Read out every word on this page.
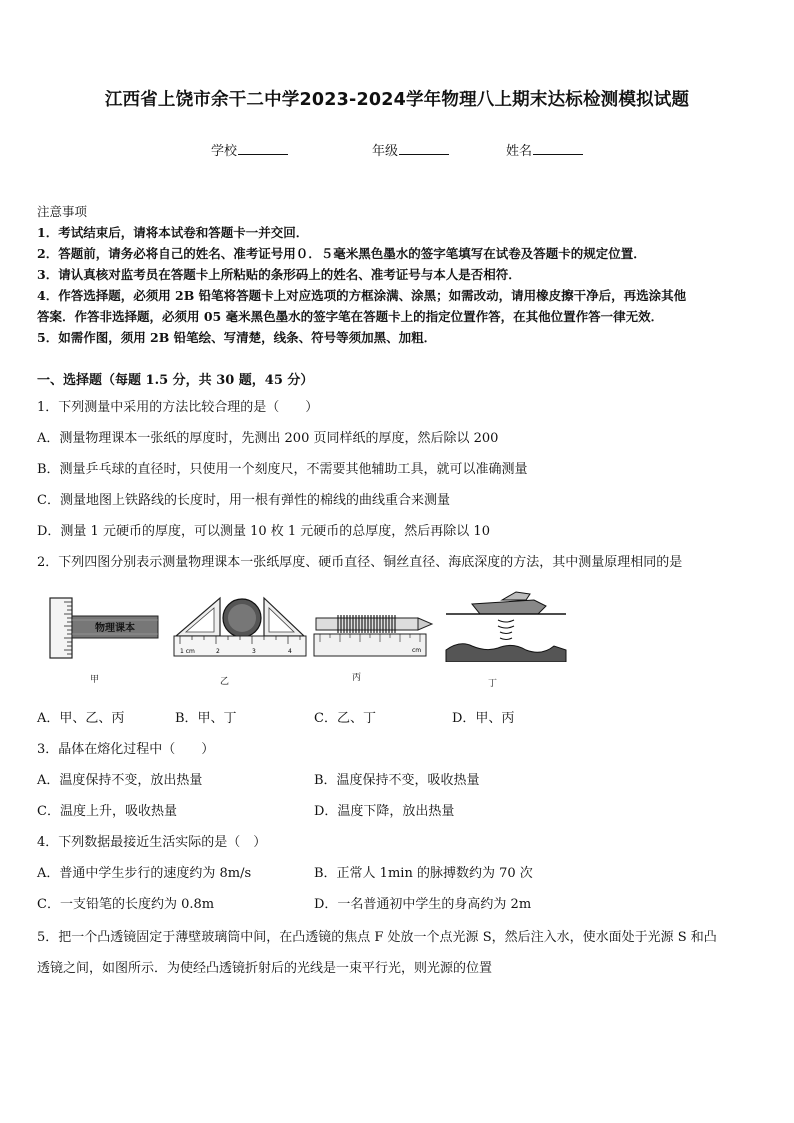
江西省上饶市余干二中学2023-2024学年物理八上期末达标检测模拟试题
学校	年级	姓名
注意事项
1．考试结束后，请将本试卷和答题卡一并交回．
2．答题前，请务必将自己的姓名、准考证号用０．５毫米黑色墨水的签字笔填写在试卷及答题卡的规定位置．
3．请认真核对监考员在答题卡上所粘贴的条形码上的姓名、准考证号与本人是否相符．
4．作答选择题，必须用 2B 铅笔将答题卡上对应选项的方框涂满、涂黑；如需改动，请用橡皮擦干净后，再选涂其他
答案．作答非选择题，必须用 05 毫米黑色墨水的签字笔在答题卡上的指定位置作答，在其他位置作答一律无效．
5．如需作图，须用 2B 铅笔绘、写清楚，线条、符号等须加黑、加粗．
一、选择题（每题 1.5 分，共 30 题，45 分）
1．下列测量中采用的方法比较合理的是（　　）
A．测量物理课本一张纸的厚度时，先测出 200 页同样纸的厚度，然后除以 200
B．测量乒乓球的直径时，只使用一个刻度尺，不需要其他辅助工具，就可以准确测量
C．测量地图上铁路线的长度时，用一根有弹性的棉线的曲线重合来测量
D．测量 1 元硬币的厚度，可以测量 10 枚 1 元硬币的总厚度，然后再除以 10
2．下列四图分别表示测量物理课本一张纸厚度、硬币直径、铜丝直径、海底深度的方法，其中测量原理相同的是
物理课本
甲
1 cm	2	3	4
乙
cm
丙
丁
A．甲、乙、丙	B．甲、丁	C．乙、丁	D．甲、丙
3．晶体在熔化过程中（　　）
A．温度保持不变，放出热量	B．温度保持不变，吸收热量
C．温度上升，吸收热量	D．温度下降，放出热量
4．下列数据最接近生活实际的是（　）
A．普通中学生步行的速度约为 8m/s	B．正常人 1min 的脉搏数约为 70 次
C．一支铅笔的长度约为 0.8m	D．一名普通初中学生的身高约为 2m
5．把一个凸透镜固定于薄壁玻璃筒中间，在凸透镜的焦点 F 处放一个点光源 S，然后注入水，使水面处于光源 S 和凸
透镜之间，如图所示．为使经凸透镜折射后的光线是一束平行光，则光源的位置
